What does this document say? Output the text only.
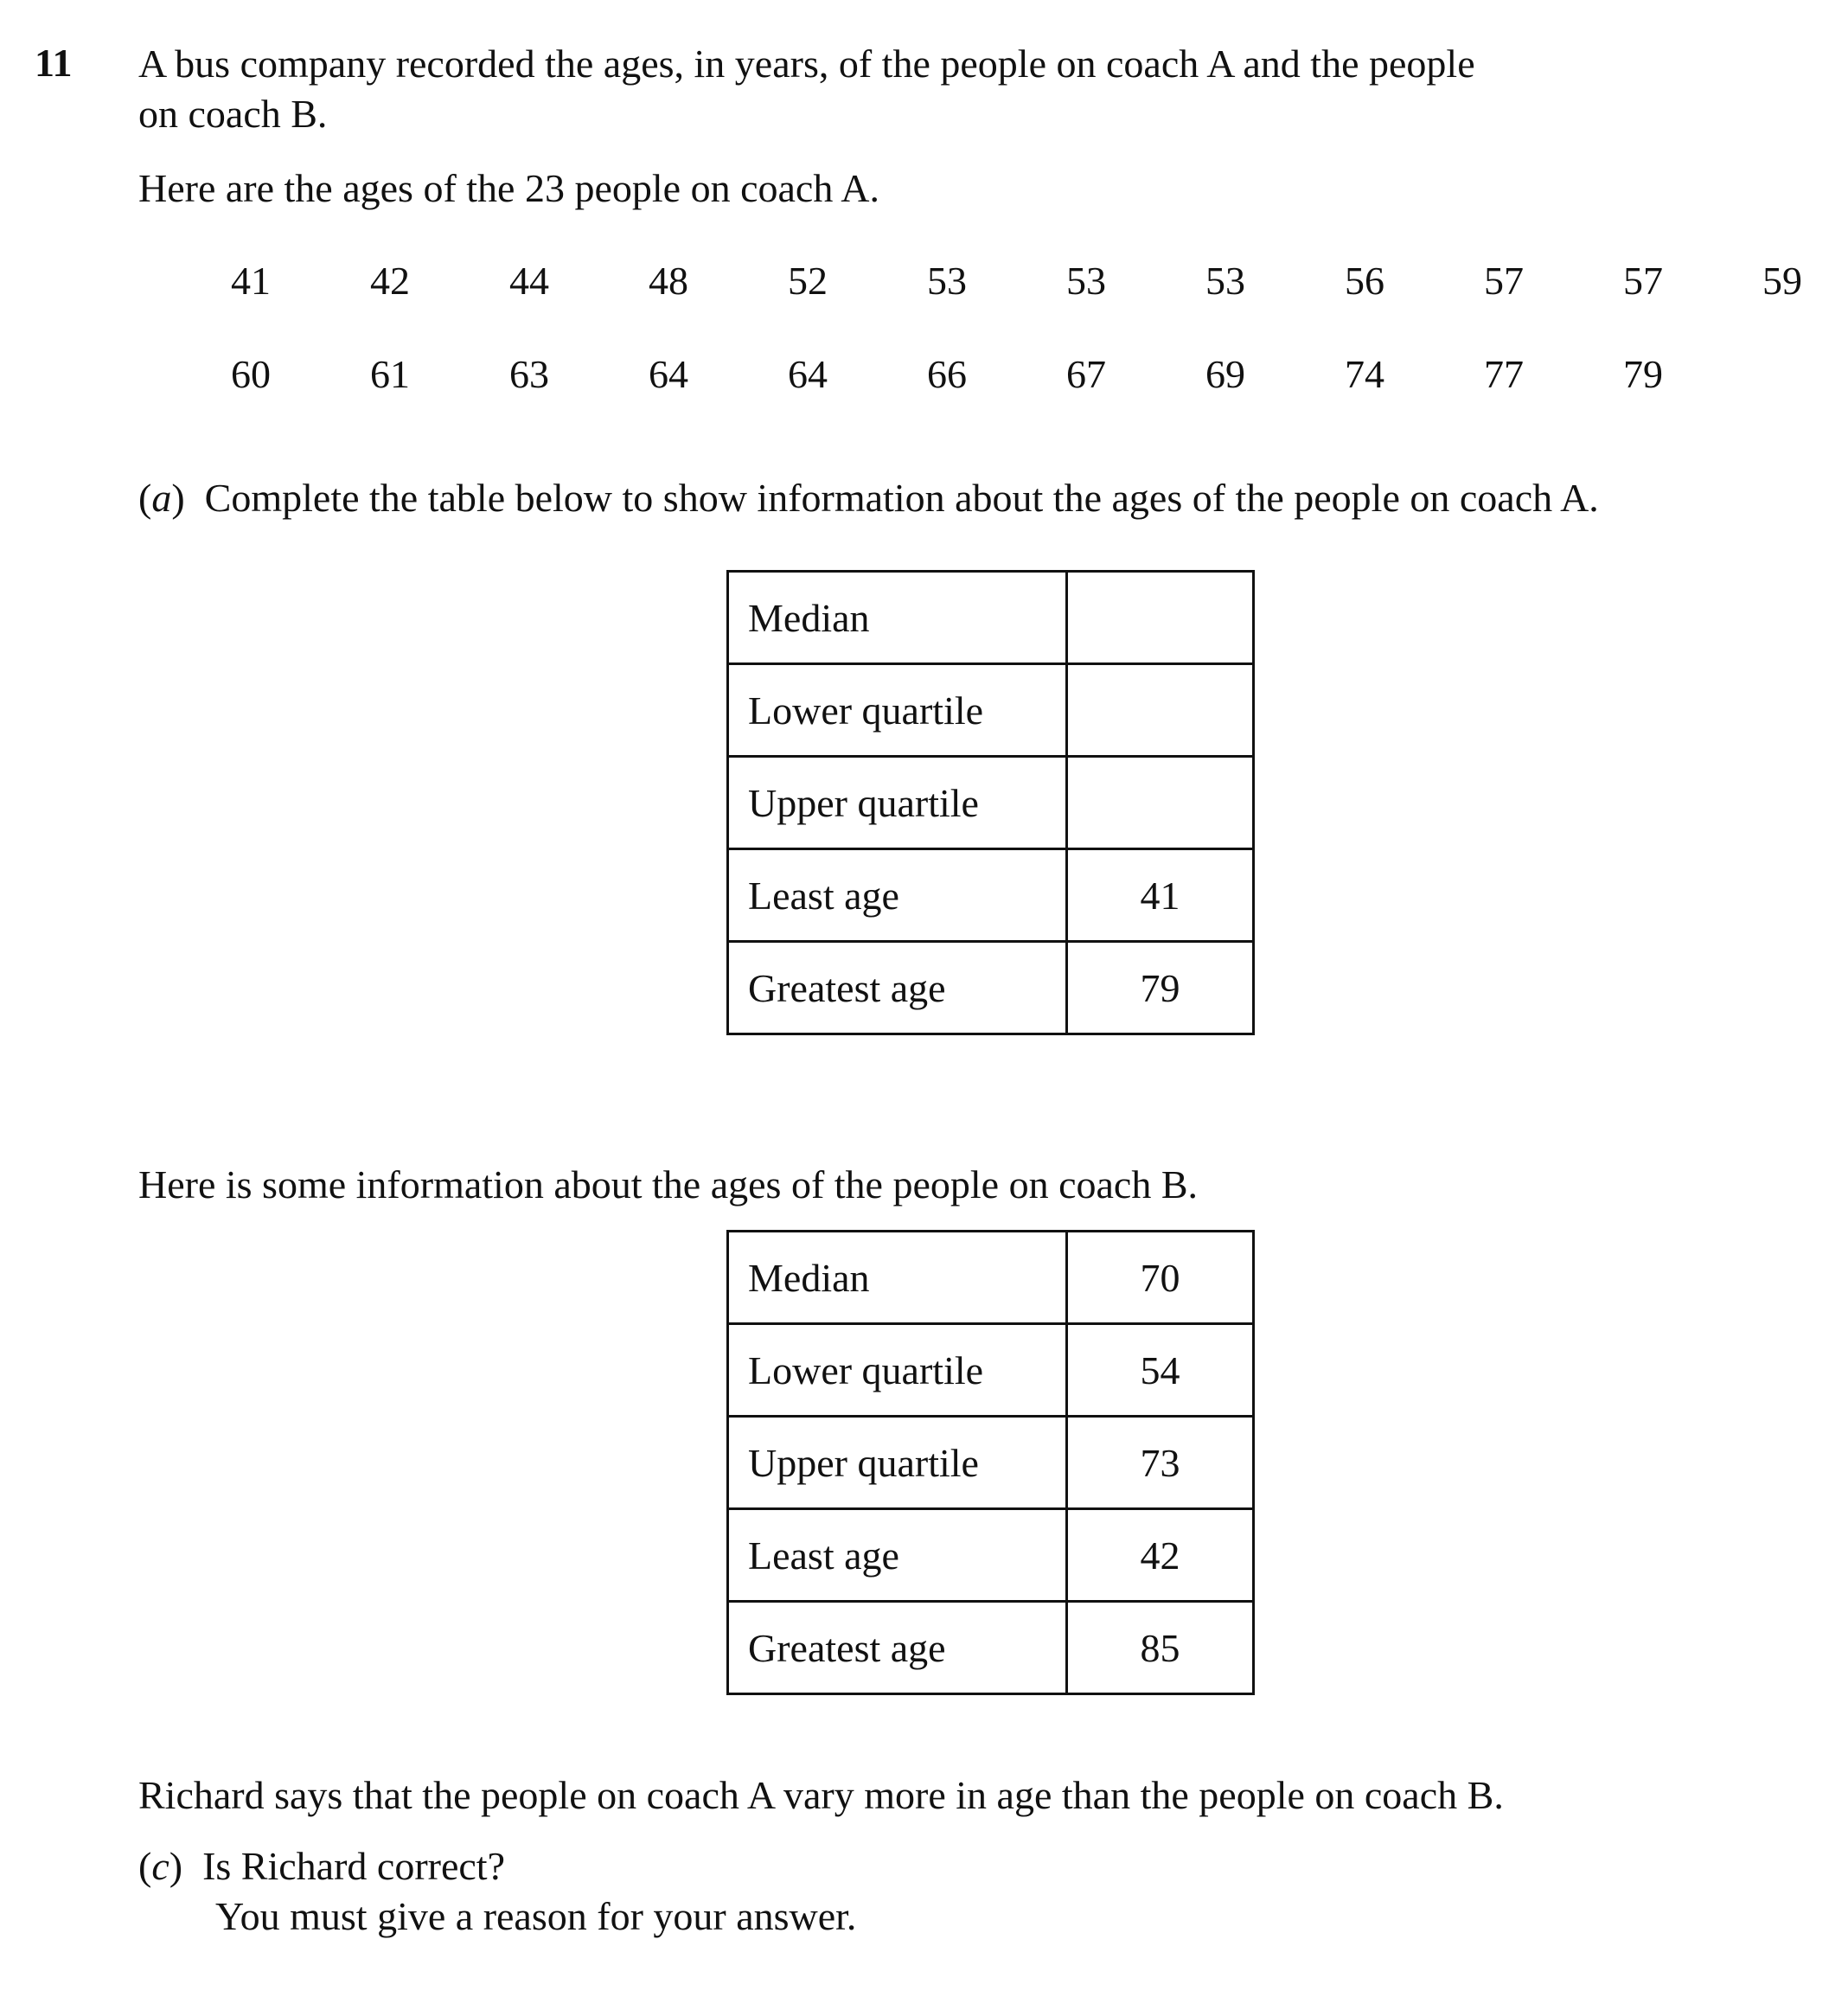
11 A bus company recorded the ages, in years, of the people on coach A and the people
on coach B.
Here are the ages of the 23 people on coach A.
41	42	44	48	52	53	53	53	56	57	57	59
60	61	63	64	64	66	67	69	74	77	79
(a) Complete the table below to show information about the ages of the people on coach A.
Median	
Lower quartile	
Upper quartile	
Least age	41
Greatest age	79
Here is some information about the ages of the people on coach B.
Median	70
Lower quartile	54
Upper quartile	73
Least age	42
Greatest age	85
Richard says that the people on coach A vary more in age than the people on coach B.
(c) Is Richard correct?
You must give a reason for your answer.
